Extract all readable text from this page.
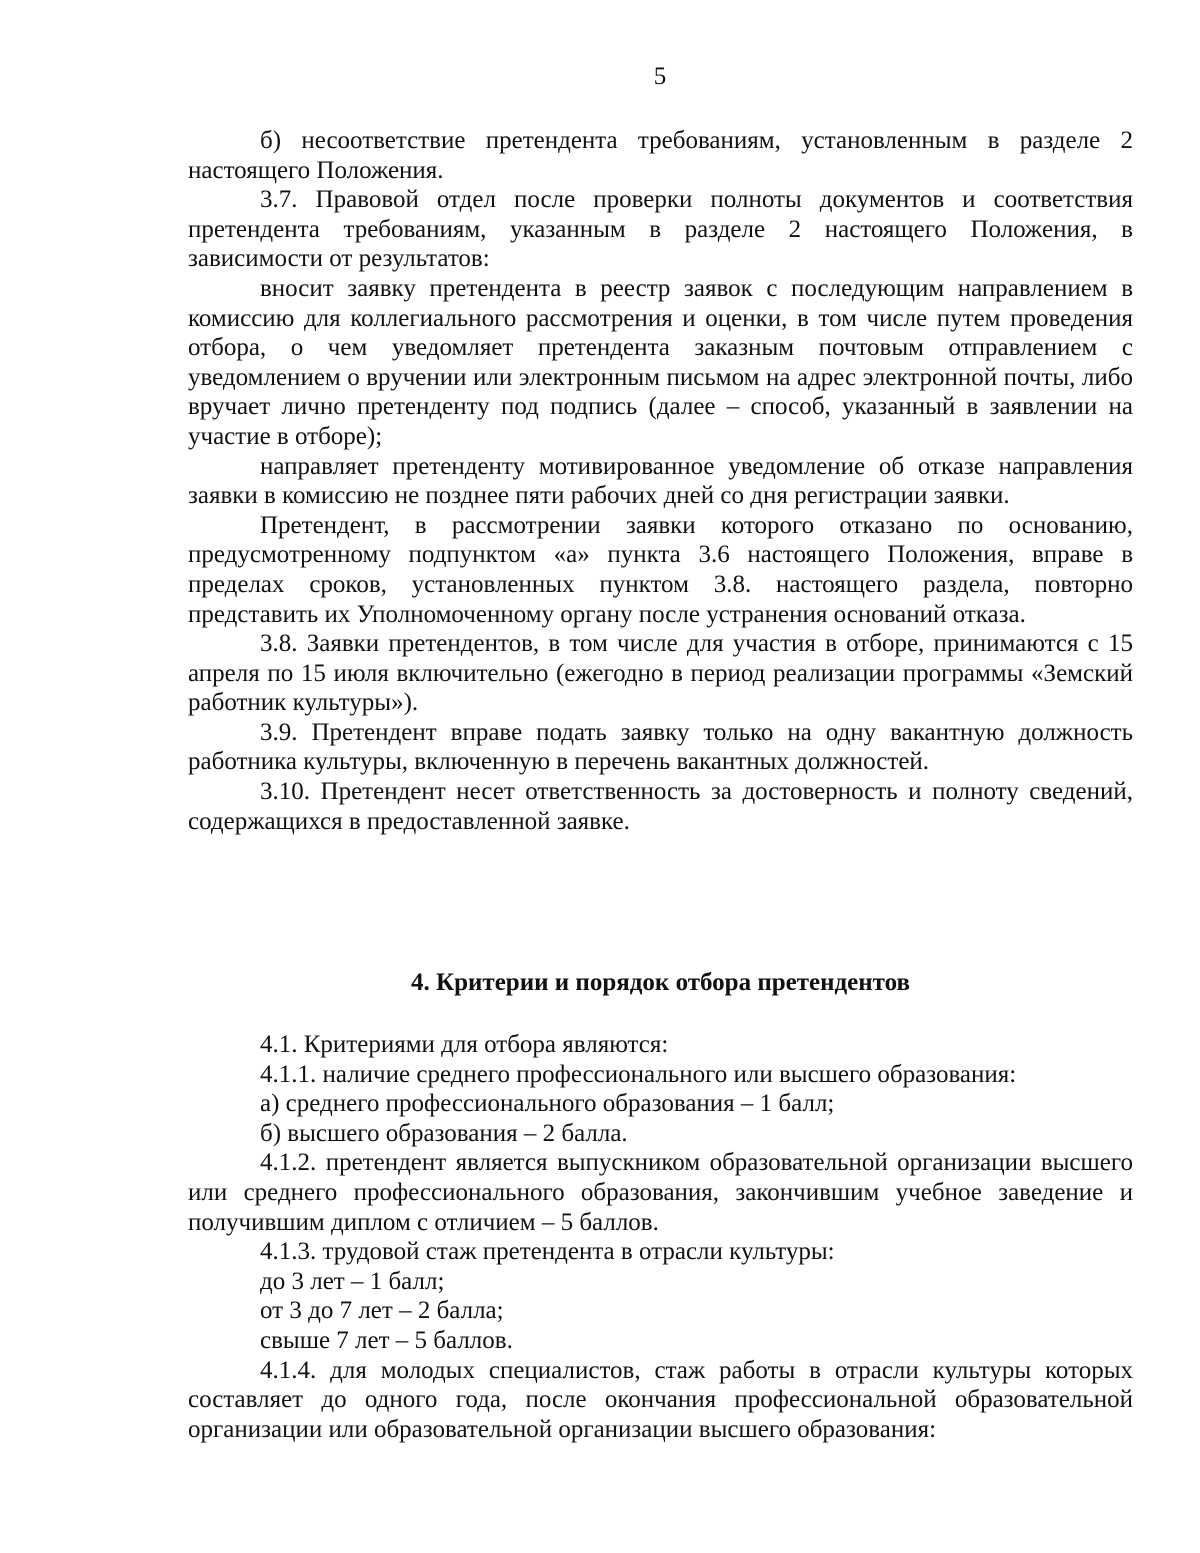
5

б) несоответствие претендента требованиям, установленным в разделе 2 настоящего Положения.

3.7. Правовой отдел после проверки полноты документов и соответствия претендента требованиям, указанным в разделе 2 настоящего Положения, в зависимости от результатов:

вносит заявку претендента в реестр заявок с последующим направлением в комиссию для коллегиального рассмотрения и оценки, в том числе путем проведения отбора, о чем уведомляет претендента заказным почтовым отправлением с уведомлением о вручении или электронным письмом на адрес электронной почты, либо вручает лично претенденту под подпись (далее – способ, указанный в заявлении на участие в отборе);

направляет претенденту мотивированное уведомление об отказе направления заявки в комиссию не позднее пяти рабочих дней со дня регистрации заявки.

Претендент, в рассмотрении заявки которого отказано по основанию, предусмотренному подпунктом «а» пункта 3.6 настоящего Положения, вправе в пределах сроков, установленных пунктом 3.8. настоящего раздела, повторно представить их Уполномоченному органу после устранения оснований отказа.

3.8. Заявки претендентов, в том числе для участия в отборе, принимаются с 15 апреля по 15 июля включительно (ежегодно в период реализации программы «Земский работник культуры»).

3.9. Претендент вправе подать заявку только на одну вакантную должность работника культуры, включенную в перечень вакантных должностей.

3.10. Претендент несет ответственность за достоверность и полноту сведений, содержащихся в предоставленной заявке.

4. Критерии и порядок отбора претендентов

4.1. Критериями для отбора являются:

4.1.1. наличие среднего профессионального или высшего образования:

а) среднего профессионального образования – 1 балл;

б) высшего образования – 2 балла.

4.1.2. претендент является выпускником образовательной организации высшего или среднего профессионального образования, закончившим учебное заведение и получившим диплом с отличием – 5 баллов.

4.1.3. трудовой стаж претендента в отрасли культуры:

до 3 лет – 1 балл;

от 3 до 7 лет – 2 балла;

свыше 7 лет – 5 баллов.

4.1.4. для молодых специалистов, стаж работы в отрасли культуры которых составляет до одного года, после окончания профессиональной образовательной организации или образовательной организации высшего образования:
